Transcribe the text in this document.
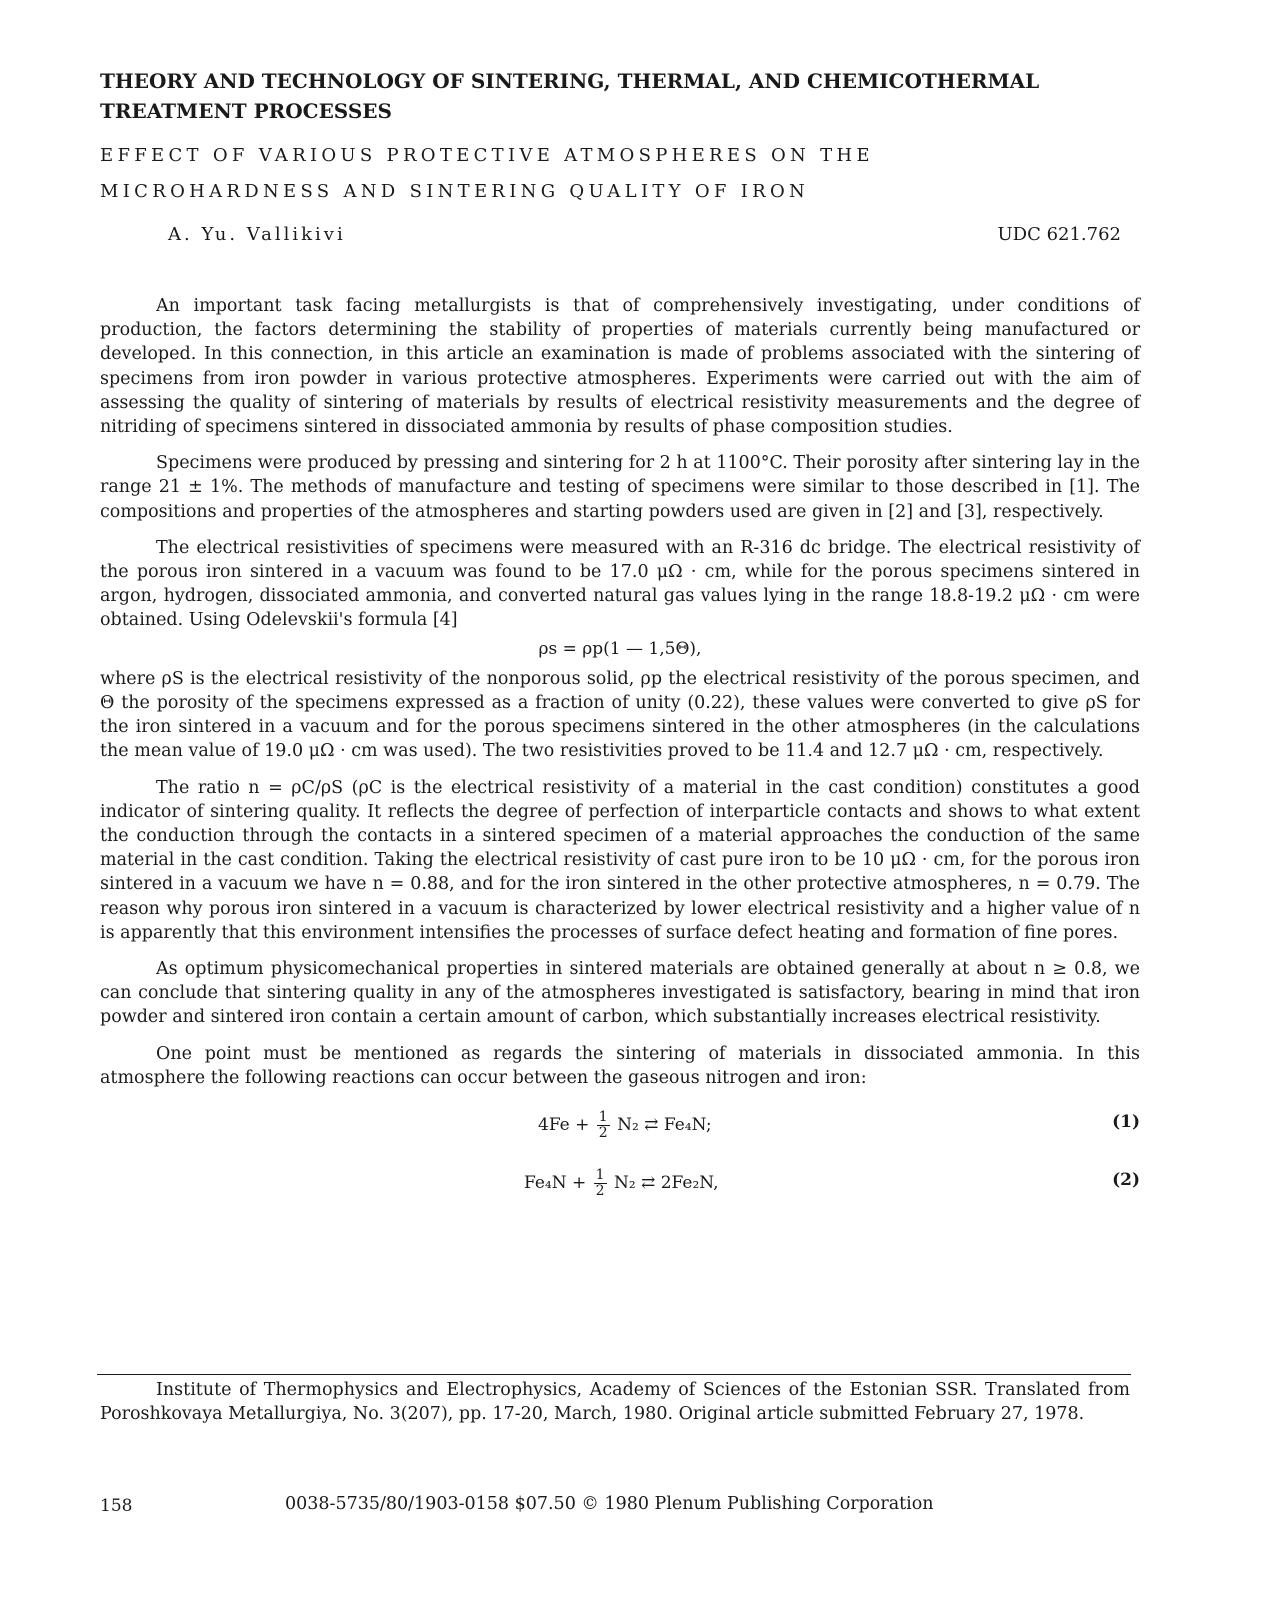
THEORY AND TECHNOLOGY OF SINTERING, THERMAL, AND CHEMICOTHERMAL
TREATMENT PROCESSES
EFFECT OF VARIOUS PROTECTIVE ATMOSPHERES ON THE
MICROHARDNESS AND SINTERING QUALITY OF IRON
A. Yu. Vallikivi	UDC 621.762

An important task facing metallurgists is that of comprehensively investigating, under conditions of production, the factors determining the stability of properties of materials currently being manufactured or developed. In this connection, in this article an examination is made of problems associated with the sintering of specimens from iron powder in various protective atmospheres. Experiments were carried out with the aim of assessing the quality of sintering of materials by results of electrical resistivity measurements and the degree of nitriding of specimens sintered in dissociated ammonia by results of phase composition studies.

Specimens were produced by pressing and sintering for 2 h at 1100°C. Their porosity after sintering lay in the range 21 ± 1%. The methods of manufacture and testing of specimens were similar to those described in [1]. The compositions and properties of the atmospheres and starting powders used are given in [2] and [3], respectively.

The electrical resistivities of specimens were measured with an R-316 dc bridge. The electrical resistivity of the porous iron sintered in a vacuum was found to be 17.0 μΩ · cm, while for the porous specimens sintered in argon, hydrogen, dissociated ammonia, and converted natural gas values lying in the range 18.8-19.2 μΩ · cm were obtained. Using Odelevskii's formula [4]

ρs = ρp(1 — 1,5Θ),

where ρS is the electrical resistivity of the nonporous solid, ρp the electrical resistivity of the porous specimen, and Θ the porosity of the specimens expressed as a fraction of unity (0.22), these values were converted to give ρS for the iron sintered in a vacuum and for the porous specimens sintered in the other atmospheres (in the calculations the mean value of 19.0 μΩ · cm was used). The two resistivities proved to be 11.4 and 12.7 μΩ · cm, respectively.

The ratio n = ρC/ρS (ρC is the electrical resistivity of a material in the cast condition) constitutes a good indicator of sintering quality. It reflects the degree of perfection of interparticle contacts and shows to what extent the conduction through the contacts in a sintered specimen of a material approaches the conduction of the same material in the cast condition. Taking the electrical resistivity of cast pure iron to be 10 μΩ · cm, for the porous iron sintered in a vacuum we have n = 0.88, and for the iron sintered in the other protective atmospheres, n = 0.79. The reason why porous iron sintered in a vacuum is characterized by lower electrical resistivity and a higher value of n is apparently that this environment intensifies the processes of surface defect heating and formation of fine pores.

As optimum physicomechanical properties in sintered materials are obtained generally at about n ≥ 0.8, we can conclude that sintering quality in any of the atmospheres investigated is satisfactory, bearing in mind that iron powder and sintered iron contain a certain amount of carbon, which substantially increases electrical resistivity.

One point must be mentioned as regards the sintering of materials in dissociated ammonia. In this atmosphere the following reactions can occur between the gaseous nitrogen and iron:

$4Fe + \frac{1}{2} N_2$ ⇄ Fe₄N;	(1)
$Fe_4N + \frac{1}{2} N_2$ ⇄ 2Fe₂N,	(2)
Institute of Thermophysics and Electrophysics, Academy of Sciences of the Estonian SSR. Translated from Poroshkovaya Metallurgiya, No. 3(207), pp. 17-20, March, 1980. Original article submitted February 27, 1978.
158	0038-5735/80/1903-0158 $07.50 © 1980 Plenum Publishing Corporation
